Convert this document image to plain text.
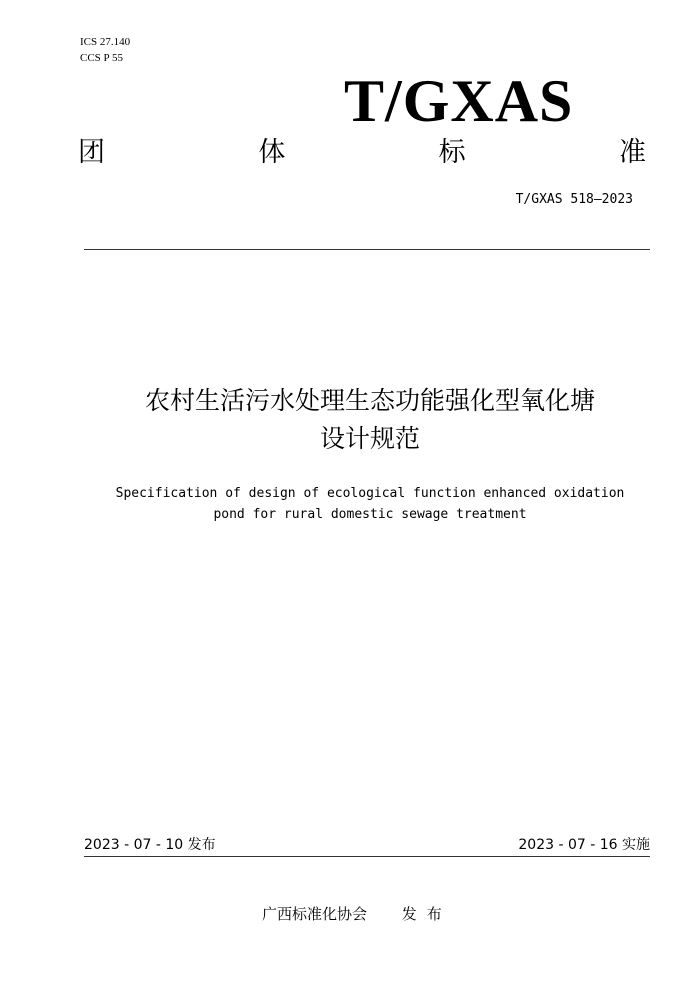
ICS 27.140
CCS P 55
T/GXAS
团	体	标	准
T/GXAS 518—2023
农村生活污水处理生态功能强化型氧化塘
设计规范
Specification of design of ecological function enhanced oxidation
pond for rural domestic sewage treatment
2023 - 07 - 10 发布	2023 - 07 - 16 实施
广西标准化协会 发布
